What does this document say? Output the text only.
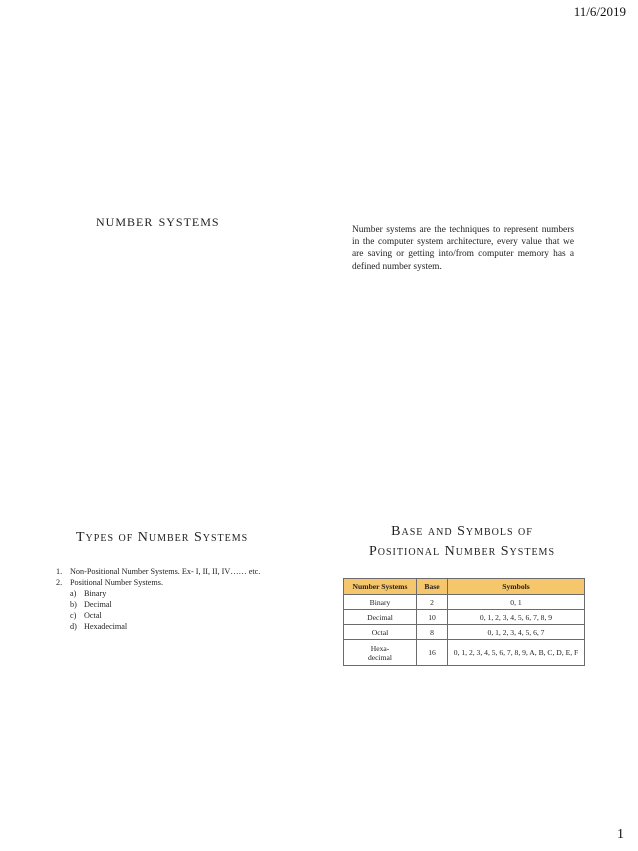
11/6/2019
number systems	Number systems are the techniques to represent numbers in the computer system architecture, every value that we are saving or getting into/from computer memory has a defined number system.
Types of Number Systems
1. Non-Positional Number Systems. Ex- I, II, II, IV…… etc.
2. Positional Number Systems.
a) Binary
b) Decimal
c) Octal
d) Hexadecimal
Base and Symbols of
Positional Number Systems
Number Systems	Base	Symbols
Binary	2	0, 1
Decimal	10	0, 1, 2, 3, 4, 5, 6, 7, 8, 9
Octal	8	0, 1, 2, 3, 4, 5, 6, 7
Hexa-
decimal	16	0, 1, 2, 3, 4, 5, 6, 7, 8, 9, A, B, C, D, E, F
1
